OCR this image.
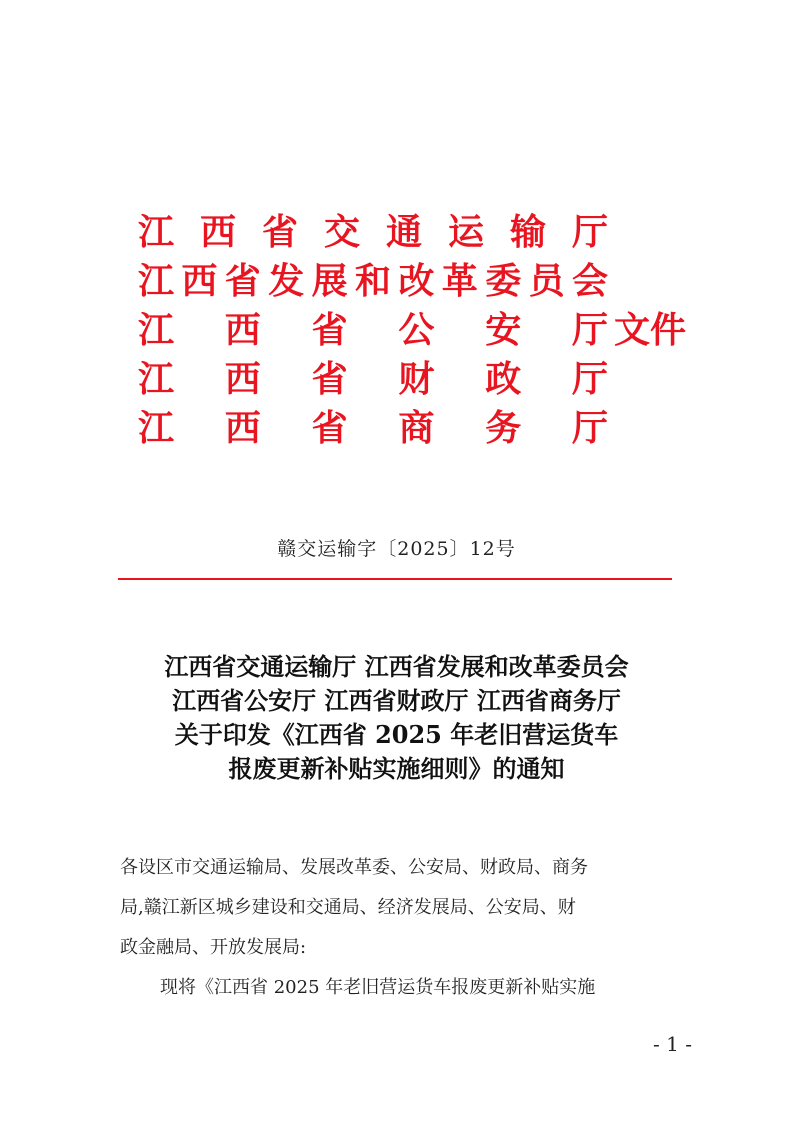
江 西 省 交 通 运 输 厅
江 西 省 发 展 和 改 革 委 员 会
江 西 省 公 安 厅 文件
江 西 省 财 政 厅
江 西 省 商 务 厅
赣交运输字〔2025〕12号
江西省交通运输厅 江西省发展和改革委员会
江西省公安厅 江西省财政厅 江西省商务厅
关于印发《江西省 2025 年老旧营运货车
报废更新补贴实施细则》的通知
各设区市交通运输局、发展改革委、公安局、财政局、商务
局,赣江新区城乡建设和交通局、经济发展局、公安局、财
政金融局、开放发展局:
现将《江西省 2025 年老旧营运货车报废更新补贴实施
- 1 -
